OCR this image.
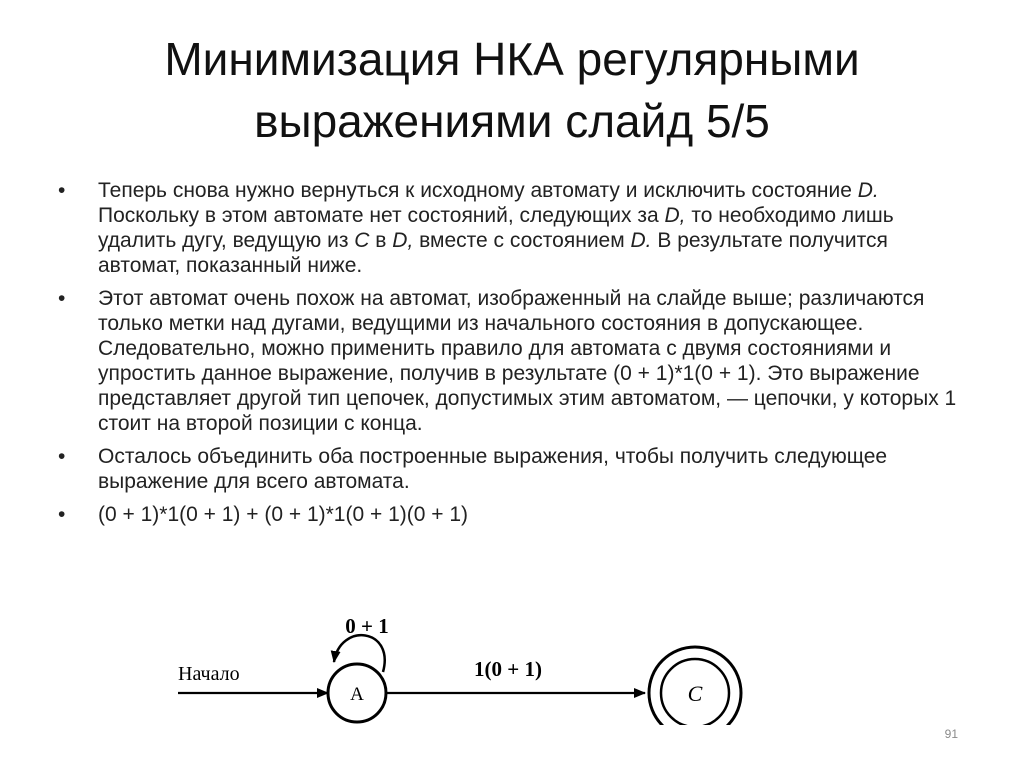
Минимизация НКА регулярными выражениями слайд 5/5
•	Теперь снова нужно вернуться к исходному автомату и исключить состояние D. Поскольку в этом автомате нет состояний, следующих за D, то необходимо лишь удалить дугу, ведущую из С в D, вместе с состоянием D. В результате получится автомат, показанный ниже.
•	Этот автомат очень похож на автомат, изображенный на слайде выше; различаются только метки над дугами, ведущими из начального состояния в допускающее. Следовательно, можно применить правило для автомата с двумя состояниями и упростить данное выражение, получив в результате (0 + 1)*1(0 + 1). Это выражение представляет другой тип цепочек, допустимых этим автоматом, — цепочки, у которых 1 стоит на второй позиции с конца.
•	Осталось объединить оба построенные выражения, чтобы получить следующее выражение для всего автомата.
•	(0 + 1)*1(0 + 1) + (0 + 1)*1(0 + 1)(0 + 1)
Начало
A
0 + 1
1(0 + 1)
C
91
